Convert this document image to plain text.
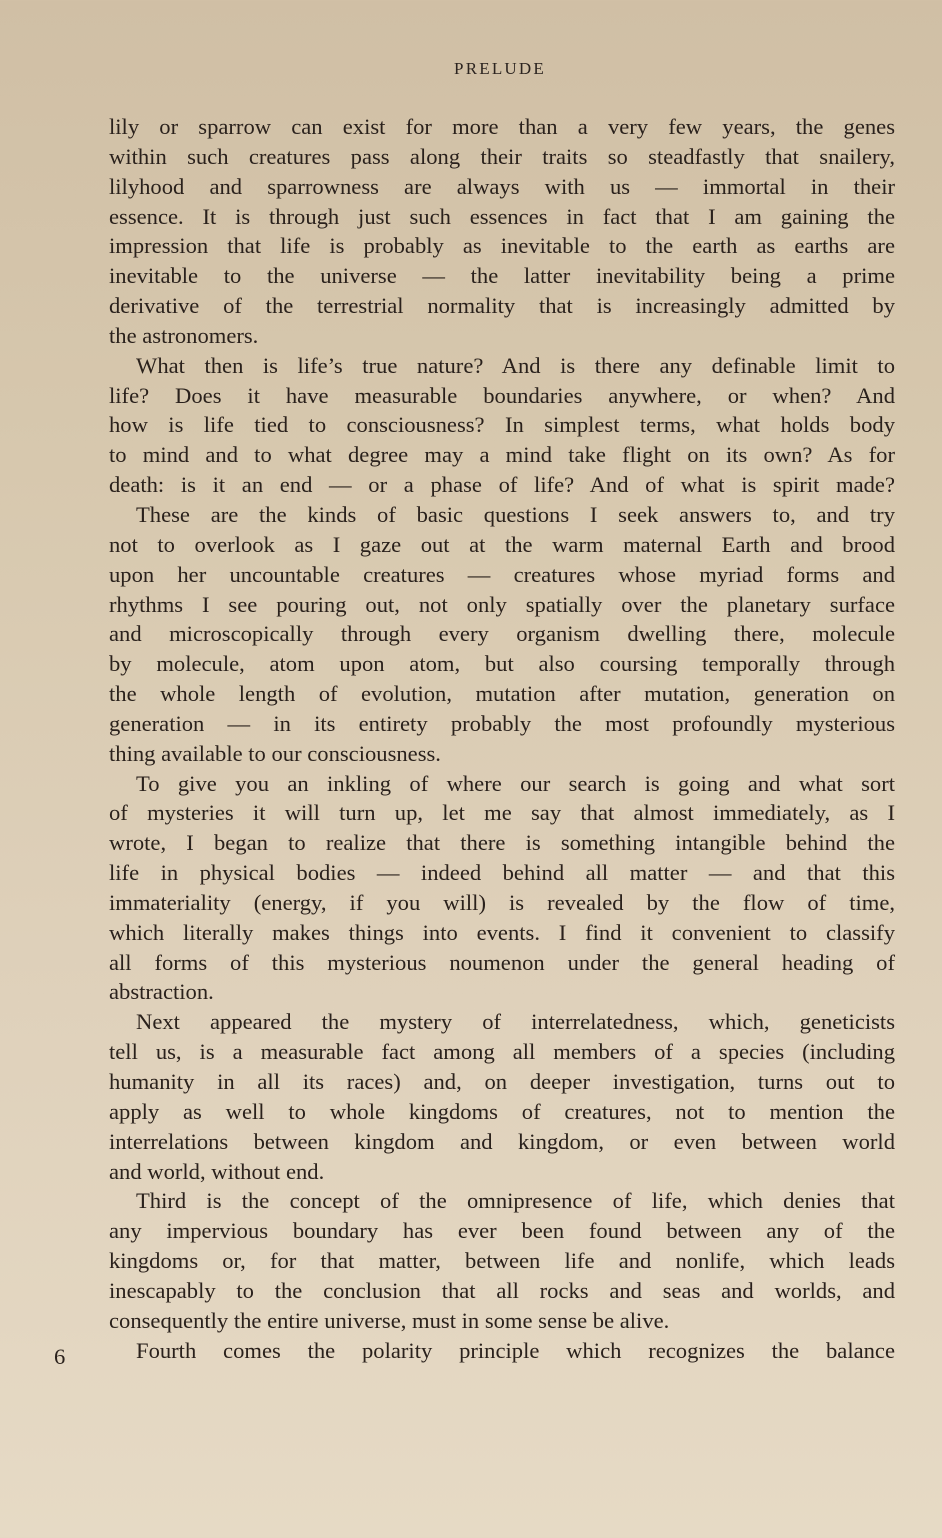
PRELUDE
lily or sparrow can exist for more than a very few years, the genes
within such creatures pass along their traits so steadfastly that snailery,
lilyhood and sparrowness are always with us — immortal in their
essence. It is through just such essences in fact that I am gaining the
impression that life is probably as inevitable to the earth as earths are
inevitable to the universe — the latter inevitability being a prime
derivative of the terrestrial normality that is increasingly admitted by
the astronomers.
What then is life’s true nature? And is there any definable limit to
life? Does it have measurable boundaries anywhere, or when? And
how is life tied to consciousness? In simplest terms, what holds body
to mind and to what degree may a mind take flight on its own? As for
death: is it an end — or a phase of life? And of what is spirit made?
These are the kinds of basic questions I seek answers to, and try
not to overlook as I gaze out at the warm maternal Earth and brood
upon her uncountable creatures — creatures whose myriad forms and
rhythms I see pouring out, not only spatially over the planetary surface
and microscopically through every organism dwelling there, molecule
by molecule, atom upon atom, but also coursing temporally through
the whole length of evolution, mutation after mutation, generation on
generation — in its entirety probably the most profoundly mysterious
thing available to our consciousness.
To give you an inkling of where our search is going and what sort
of mysteries it will turn up, let me say that almost immediately, as I
wrote, I began to realize that there is something intangible behind the
life in physical bodies — indeed behind all matter — and that this
immateriality (energy, if you will) is revealed by the flow of time,
which literally makes things into events. I find it convenient to classify
all forms of this mysterious noumenon under the general heading of
abstraction.
Next appeared the mystery of interrelatedness, which, geneticists
tell us, is a measurable fact among all members of a species (including
humanity in all its races) and, on deeper investigation, turns out to
apply as well to whole kingdoms of creatures, not to mention the
interrelations between kingdom and kingdom, or even between world
and world, without end.
Third is the concept of the omnipresence of life, which denies that
any impervious boundary has ever been found between any of the
kingdoms or, for that matter, between life and nonlife, which leads
inescapably to the conclusion that all rocks and seas and worlds, and
consequently the entire universe, must in some sense be alive.
Fourth comes the polarity principle which recognizes the balance
6
